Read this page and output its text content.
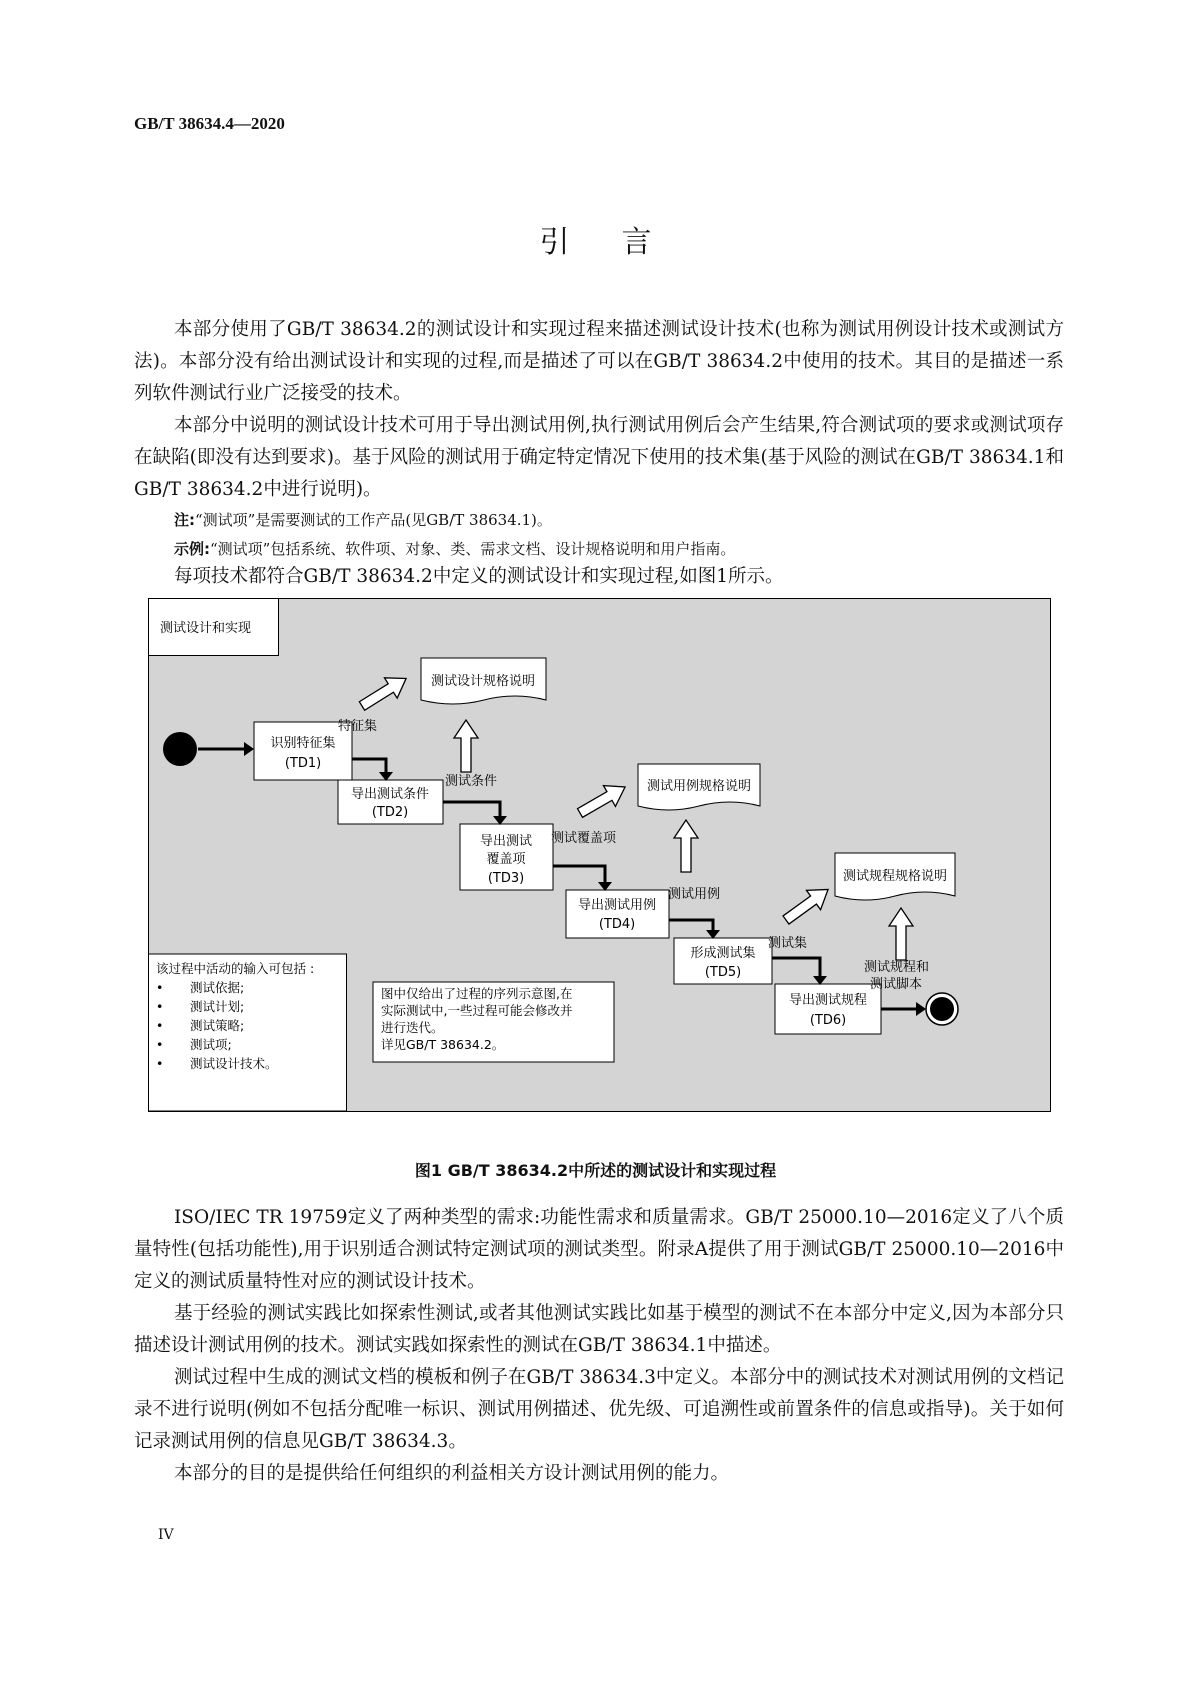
GB/T 38634.4—2020
引言

本部分使用了GB/T 38634.2的测试设计和实现过程来描述测试设计技术(也称为测试用例设计技术或测试方法)。本部分没有给出测试设计和实现的过程,而是描述了可以在GB/T 38634.2中使用的技术。其目的是描述一系列软件测试行业广泛接受的技术。

本部分中说明的测试设计技术可用于导出测试用例,执行测试用例后会产生结果,符合测试项的要求或测试项存在缺陷(即没有达到要求)。基于风险的测试用于确定特定情况下使用的技术集(基于风险的测试在GB/T 38634.1和GB/T 38634.2中进行说明)。

注:“测试项”是需要测试的工作产品(见GB/T 38634.1)。

示例:“测试项”包括系统、软件项、对象、类、需求文档、设计规格说明和用户指南。

每项技术都符合GB/T 38634.2中定义的测试设计和实现过程,如图1所示。

测试设计和实现
识别特征集
(TD1)
导出测试条件
(TD2)
导出测试
覆盖项
(TD3)
导出测试用例
(TD4)
形成测试集
(TD5)
导出测试规程
(TD6)
特征集
测试条件
测试覆盖项
测试用例
测试集
测试规程和
测试脚本
测试设计规格说明
测试用例规格说明
测试规程规格说明
该过程中活动的输入可包括 :
•
•
•
•
•
测试依据;
测试计划;
测试策略;
测试项;
测试设计技术。
图中仅给出了过程的序列示意图,在
实际测试中,一些过程可能会修改并
进行迭代。
详见GB/T 38634.2。
图1 GB/T 38634.2中所述的测试设计和实现过程

ISO/IEC TR 19759定义了两种类型的需求:功能性需求和质量需求。GB/T 25000.10—2016定义了八个质量特性(包括功能性),用于识别适合测试特定测试项的测试类型。附录A提供了用于测试GB/T 25000.10—2016中定义的测试质量特性对应的测试设计技术。

基于经验的测试实践比如探索性测试,或者其他测试实践比如基于模型的测试不在本部分中定义,因为本部分只描述设计测试用例的技术。测试实践如探索性的测试在GB/T 38634.1中描述。

测试过程中生成的测试文档的模板和例子在GB/T 38634.3中定义。本部分中的测试技术对测试用例的文档记录不进行说明(例如不包括分配唯一标识、测试用例描述、优先级、可追溯性或前置条件的信息或指导)。关于如何记录测试用例的信息见GB/T 38634.3。

本部分的目的是提供给任何组织的利益相关方设计测试用例的能力。

IV
